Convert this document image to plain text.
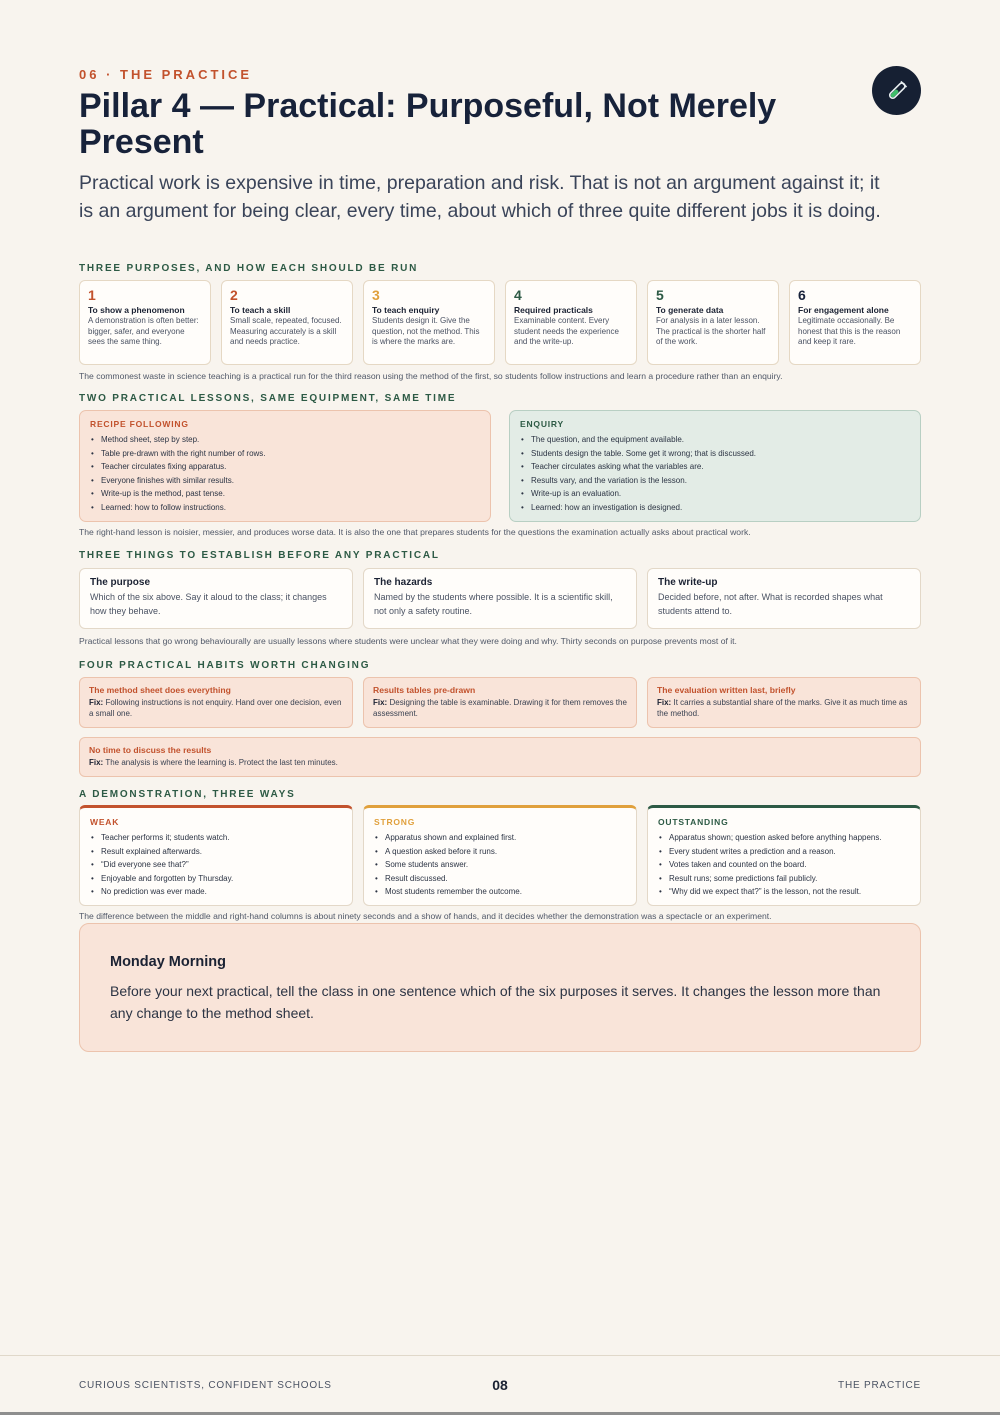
06 · THE PRACTICE
Pillar 4 — Practical: Purposeful, Not Merely Present

Practical work is expensive in time, preparation and risk. That is not an argument against it; it is an argument for being clear, every time, about which of three quite different jobs it is doing.

THREE PURPOSES, AND HOW EACH SHOULD BE RUN
1
To show a phenomenon
A demonstration is often better: bigger, safer, and everyone sees the same thing.
2
To teach a skill
Small scale, repeated, focused. Measuring accurately is a skill and needs practice.
3
To teach enquiry
Students design it. Give the question, not the method. This is where the marks are.
4
Required practicals
Examinable content. Every student needs the experience and the write-up.
5
To generate data
For analysis in a later lesson. The practical is the shorter half of the work.
6
For engagement alone
Legitimate occasionally. Be honest that this is the reason and keep it rare.
The commonest waste in science teaching is a practical run for the third reason using the method of the first, so students follow instructions and learn a procedure rather than an enquiry.
TWO PRACTICAL LESSONS, SAME EQUIPMENT, SAME TIME
RECIPE FOLLOWING
• Method sheet, step by step.
• Table pre-drawn with the right number of rows.
• Teacher circulates fixing apparatus.
• Everyone finishes with similar results.
• Write-up is the method, past tense.
• Learned: how to follow instructions.
ENQUIRY
• The question, and the equipment available.
• Students design the table. Some get it wrong; that is discussed.
• Teacher circulates asking what the variables are.
• Results vary, and the variation is the lesson.
• Write-up is an evaluation.
• Learned: how an investigation is designed.
The right-hand lesson is noisier, messier, and produces worse data. It is also the one that prepares students for the questions the examination actually asks about practical work.
THREE THINGS TO ESTABLISH BEFORE ANY PRACTICAL
The purpose
Which of the six above. Say it aloud to the class; it changes how they behave.
The hazards
Named by the students where possible. It is a scientific skill, not only a safety routine.
The write-up
Decided before, not after. What is recorded shapes what students attend to.
Practical lessons that go wrong behaviourally are usually lessons where students were unclear what they were doing and why. Thirty seconds on purpose prevents most of it.
FOUR PRACTICAL HABITS WORTH CHANGING
The method sheet does everything
Fix: Following instructions is not enquiry. Hand over one decision, even a small one.
Results tables pre-drawn
Fix: Designing the table is examinable. Drawing it for them removes the assessment.
The evaluation written last, briefly
Fix: It carries a substantial share of the marks. Give it as much time as the method.
No time to discuss the results
Fix: The analysis is where the learning is. Protect the last ten minutes.
A DEMONSTRATION, THREE WAYS
WEAK
• Teacher performs it; students watch.
• Result explained afterwards.
• “Did everyone see that?”
• Enjoyable and forgotten by Thursday.
• No prediction was ever made.
STRONG
• Apparatus shown and explained first.
• A question asked before it runs.
• Some students answer.
• Result discussed.
• Most students remember the outcome.
OUTSTANDING
• Apparatus shown; question asked before anything happens.
• Every student writes a prediction and a reason.
• Votes taken and counted on the board.
• Result runs; some predictions fail publicly.
• “Why did we expect that?” is the lesson, not the result.
The difference between the middle and right-hand columns is about ninety seconds and a show of hands, and it decides whether the demonstration was a spectacle or an experiment.
Monday Morning
Before your next practical, tell the class in one sentence which of the six purposes it serves. It changes the lesson more than any change to the method sheet.
CURIOUS SCIENTISTS, CONFIDENT SCHOOLS	08	THE PRACTICE
